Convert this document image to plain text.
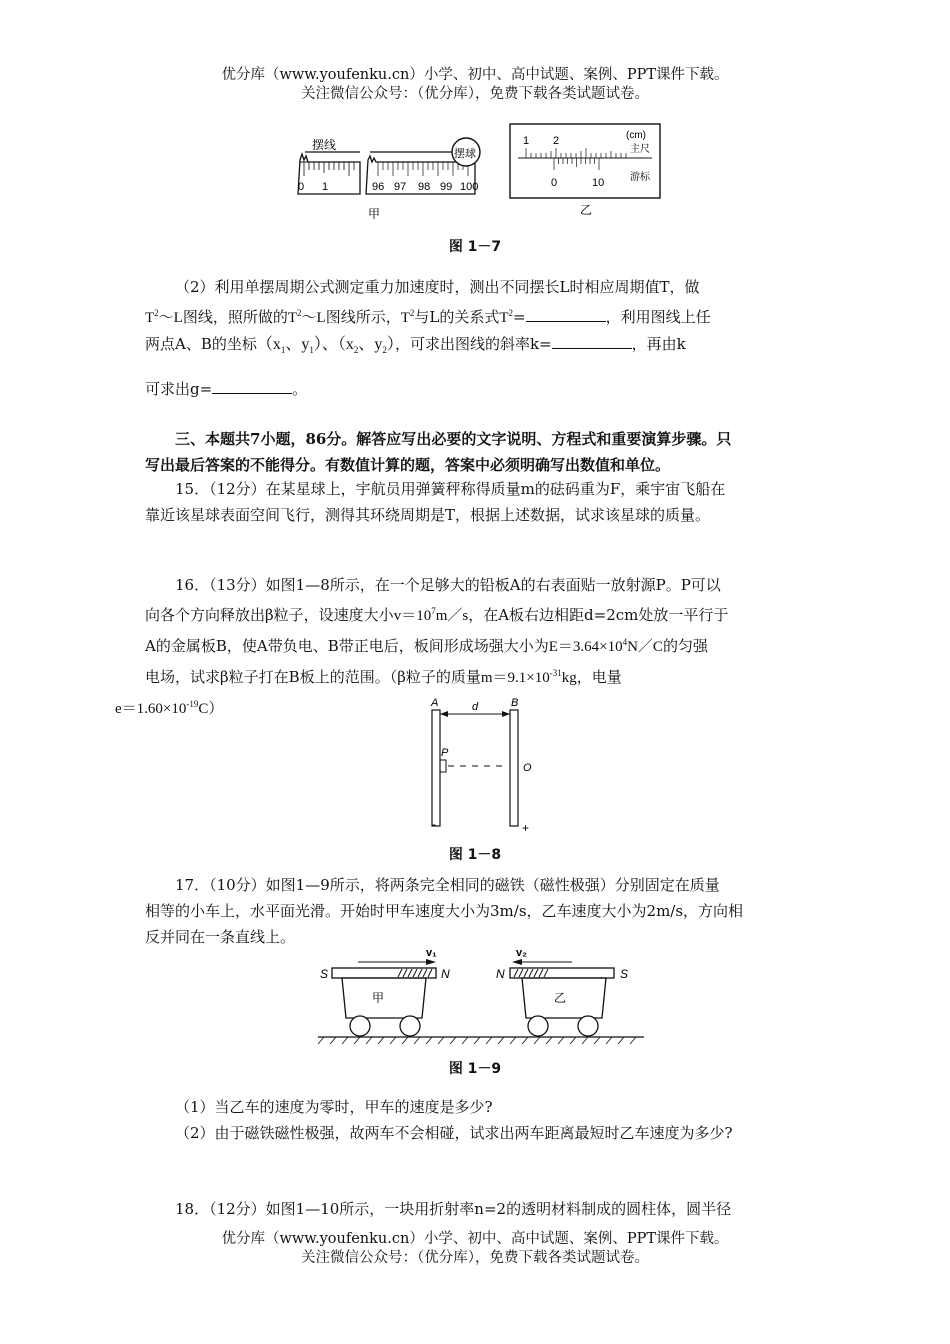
优分库（www.youfenku.cn）小学、初中、高中试题、案例、PPT课件下载。
关注微信公众号：（优分库），免费下载各类试题试卷。
摆线
0 1
摆球
96 97 98 99 100
甲
1 2	(cm)
主尺
0	10	游标
乙
图 1－7
（2）利用单摆周期公式测定重力加速度时，测出不同摆长L时相应周期值T，做
$T^2\sim L$图线，照所做的$T^2\sim L$图线所示，$T^2$与L的关系式$T^2=$	，利用图线上任
两点A、B的坐标（$x_1$、$y_1$）、（$x_2$、$y_2$），可求出图线的斜率k=	，再由k
可求出g=	。
三、本题共7小题，86分。解答应写出必要的文字说明、方程式和重要演算步骤。只
写出最后答案的不能得分。有数值计算的题，答案中必须明确写出数值和单位。
15．（12分）在某星球上，宇航员用弹簧秤称得质量m的砝码重为F，乘宇宙飞船在
靠近该星球表面空间飞行，测得其环绕周期是T，根据上述数据，试求该星球的质量。
16．（13分）如图1—8所示，在一个足够大的铅板A的右表面贴一放射源P。P可以
向各个方向释放出β粒子，设速度大小$v=10^7m/s$，在A板右边相距d=2cm处放一平行于
A的金属板B，使A带负电、B带正电后，板间形成场强大小为$E=3.64\times 10^4N/C$的匀强
电场，试求β粒子打在B板上的范围。（β粒子的质量$m=9.1\times 10^{-31}kg$，电量
$e=1.60\times 10^{-19}C$）	A	B
d
P
O
-	+
图 1－8
17．（10分）如图1—9所示，将两条完全相同的磁铁（磁性极强）分别固定在质量
相等的小车上，水平面光滑。开始时甲车速度大小为3m/s，乙车速度大小为2m/s，方向相
反并同在一条直线上。
S	N
v₁
甲
N	S
v₂
乙
图 1－9
（1）当乙车的速度为零时，甲车的速度是多少?
（2）由于磁铁磁性极强，故两车不会相碰，试求出两车距离最短时乙车速度为多少?
18．（12分）如图1—10所示，一块用折射率n=2的透明材料制成的圆柱体，圆半径
优分库（www.youfenku.cn）小学、初中、高中试题、案例、PPT课件下载。
关注微信公众号：（优分库），免费下载各类试题试卷。
